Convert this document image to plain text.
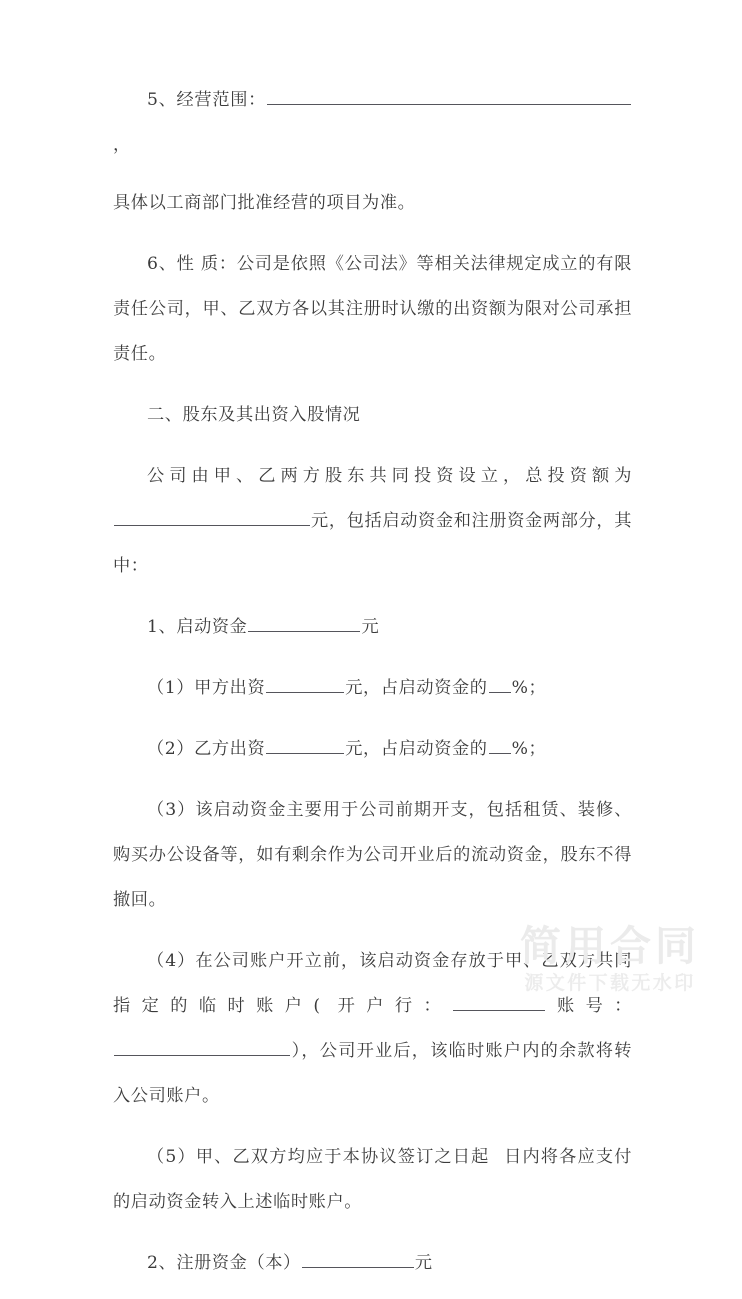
5、经营范围：，

具体以工商部门批准经营的项目为准。

6、性 质：公司是依照《公司法》等相关法律规定成立的有限责任公司，甲、乙双方各以其注册时认缴的出资额为限对公司承担责任。

二、股东及其出资入股情况

公司由甲、乙两方股东共同投资设立，总投资额为元，包括启动资金和注册资金两部分，其中：

1、启动资金	元

（1）甲方出资	元，占启动资金的 %；

（2）乙方出资	元，占启动资金的 %；

（3）该启动资金主要用于公司前期开支，包括租赁、装修、购买办公设备等，如有剩余作为公司开业后的流动资金，股东不得撤回。

（4）在公司账户开立前，该启动资金存放于甲、乙双方共同指定的临时账户( 开户行：	账号：），公司开业后，该临时账户内的余款将转入公司账户。

（5）甲、乙双方均应于本协议签订之日起 日内将各应支付的启动资金转入上述临时账户。

2、注册资金（本）	元

简用合同
源文件下载无水印
